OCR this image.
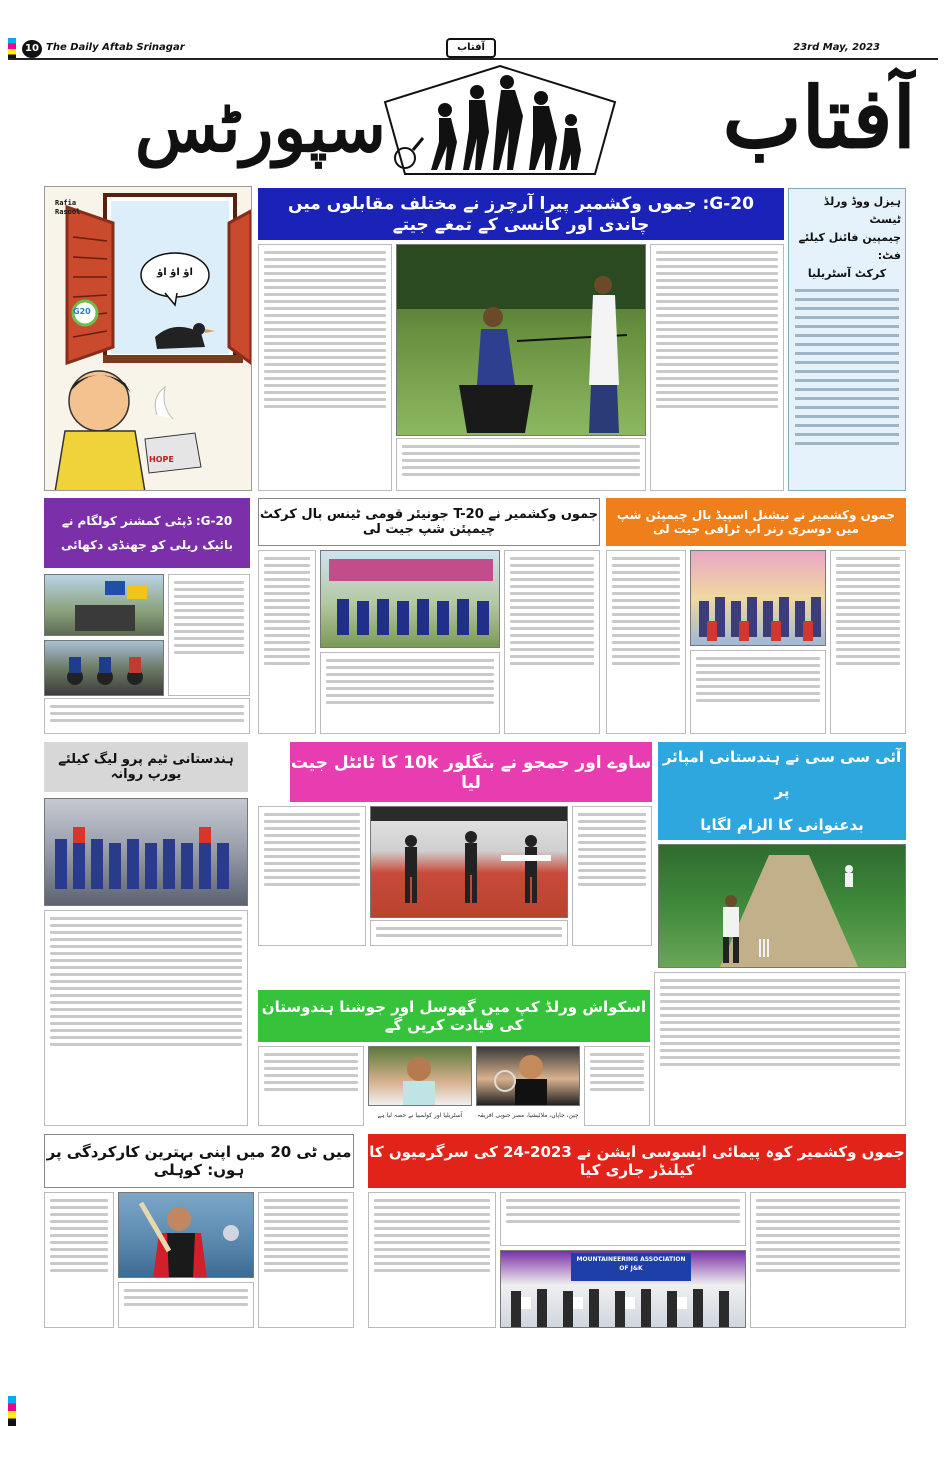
10 The Daily Aftab Srinagar	آفتاب	23rd May, 2023
آفتاب
سپورٹس
Rafia Rasool
آؤ آؤ آؤ
G20
HOPE
G-20: جموں وکشمیر پیرا آرچرز نے مختلف مقابلوں میں چاندی اور کانسی کے تمغے جیتے
ہیزل ووڈ ورلڈ ٹیسٹ
چیمپین فائنل کیلئے فٹ:
کرکٹ آسٹریلیا
G-20: ڈپٹی کمشنر کولگام نے
بائیک ریلی کو جھنڈی دکھائی
جموں وکشمیر نے T-20 جونیئر قومی ٹینس بال کرکٹ چیمپئن شپ جیت لی
جموں وکشمیر نے نیشنل اسپیڈ بال چیمپئن شپ میں دوسری رنر اپ ٹرافی جیت لی
ہندستانی ٹیم پرو لیگ کیلئے یورپ روانہ
ساوے اور جمجو نے بنگلور 10k کا ٹائٹل جیت لیا
آئی سی سی نے ہندستانی امپائر پر
بدعنوانی کا الزام لگایا
اسکواش ورلڈ کپ میں گھوسل اور جوشنا ہندوستان کی قیادت کریں گے
آسٹریلیا اور کولمبیا نے حصہ لیا ہے	چین، جاپان، ملائیشیا، مصر جنوبی افریقہ
میں ٹی 20 میں اپنی بہترین کارکردگی پر ہوں: کوہلی
جموں وکشمیر کوہ پیمائی ایسوسی ایشن نے 2023-24 کی سرگرمیوں کا کیلنڈر جاری کیا
MOUNTAINEERING ASSOCIATION OF J&K
